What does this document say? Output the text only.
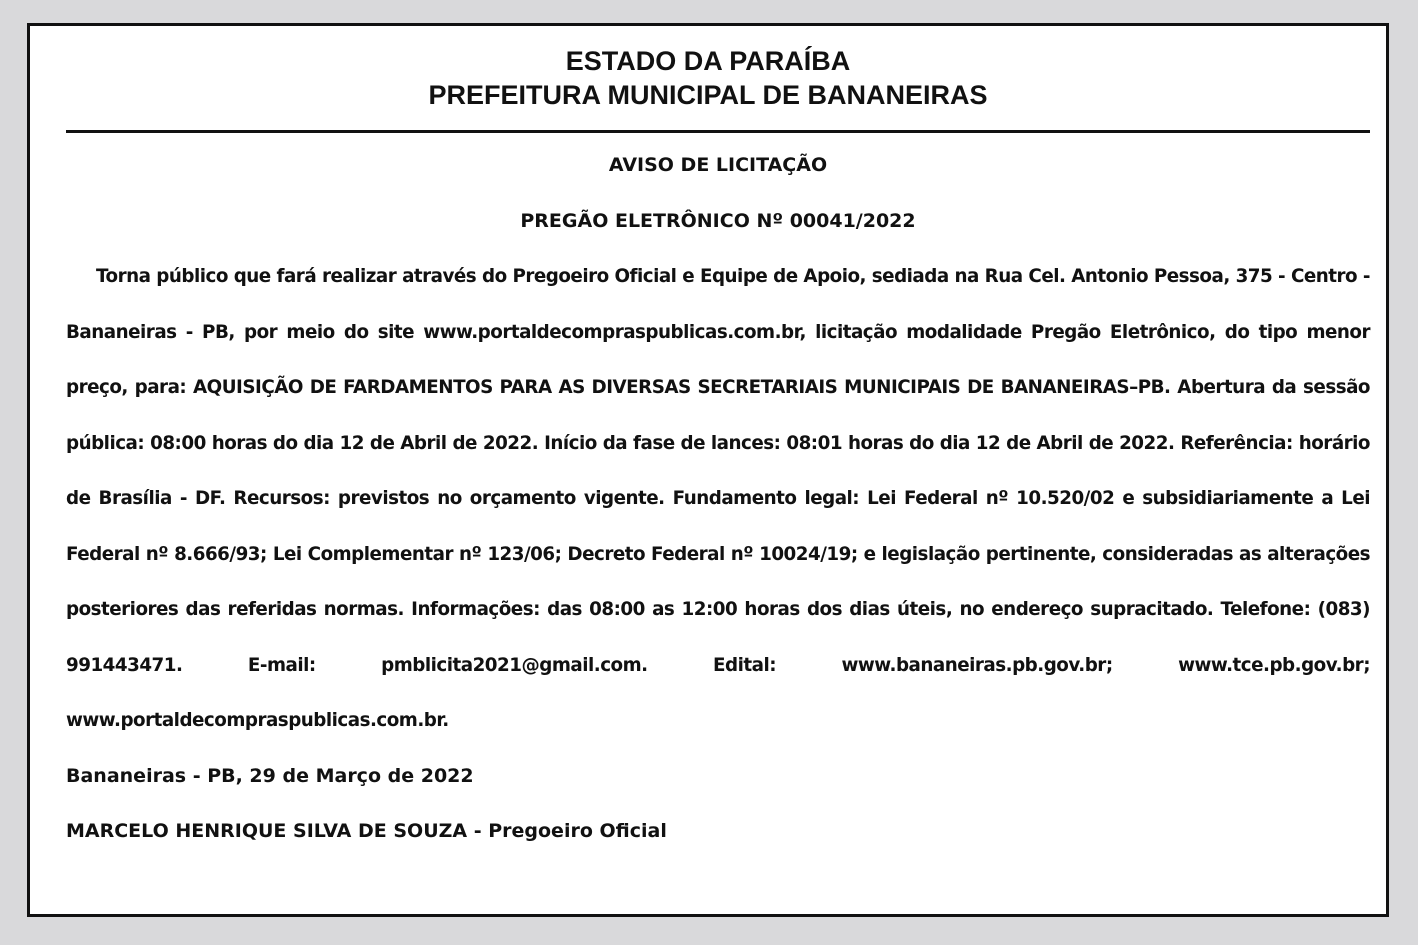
ESTADO DA PARAÍBA
PREFEITURA MUNICIPAL DE BANANEIRAS
AVISO DE LICITAÇÃO
PREGÃO ELETRÔNICO Nº 00041/2022

Torna público que fará realizar através do Pregoeiro Oficial e Equipe de Apoio, sediada na Rua Cel. Antonio Pessoa, 375 - Centro - Bananeiras - PB, por meio do site www.portaldecompraspublicas.com.br, licitação modalidade Pregão Eletrônico, do tipo menor preço, para: AQUISIÇÃO DE FARDAMENTOS PARA AS DIVERSAS SECRETARIAIS MUNICIPAIS DE BANANEIRAS–PB. Abertura da sessão pública: 08:00 horas do dia 12 de Abril de 2022. Início da fase de lances: 08:01 horas do dia 12 de Abril de 2022. Referência: horário de Brasília - DF. Recursos: previstos no orçamento vigente. Fundamento legal: Lei Federal nº 10.520/02 e subsidiariamente a Lei Federal nº 8.666/93; Lei Complementar nº 123/06; Decreto Federal nº 10024/19; e legislação pertinente, consideradas as alterações posteriores das referidas normas. Informações: das 08:00 as 12:00 horas dos dias úteis, no endereço supracitado. Telefone: (083) 991443471. E-mail: pmblicita2021@gmail.com. Edital: www.bananeiras.pb.gov.br; www.tce.pb.gov.br; www.portaldecompraspublicas.com.br.

Bananeiras - PB, 29 de Março de 2022

MARCELO HENRIQUE SILVA DE SOUZA - Pregoeiro Oficial
